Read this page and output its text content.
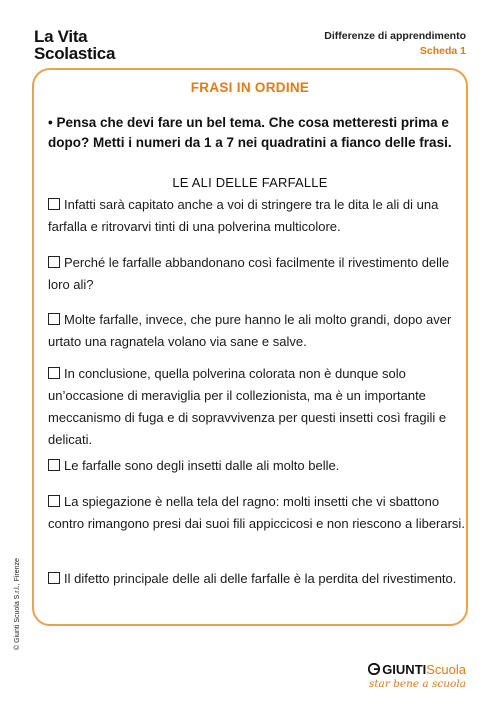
La Vita
Scolastica
Differenze di apprendimento
Scheda 1
FRASI IN ORDINE
• Pensa che devi fare un bel tema. Che cosa metteresti prima e dopo? Metti i numeri da 1 a 7 nei quadratini a fianco delle frasi.
LE ALI DELLE FARFALLE
Infatti sarà capitato anche a voi di stringere tra le dita le ali di una farfalla e ritrovarvi tinti di una polverina multicolore.
Perché le farfalle abbandonano così facilmente il rivestimento delle loro ali?
Molte farfalle, invece, che pure hanno le ali molto grandi, dopo aver urtato una ragnatela volano via sane e salve.
In conclusione, quella polverina colorata non è dunque solo un’occasione di meraviglia per il collezionista, ma è un importante meccanismo di fuga e di sopravvivenza per questi insetti così fragili e delicati.
Le farfalle sono degli insetti dalle ali molto belle.
La spiegazione è nella tela del ragno: molti insetti che vi sbattono contro rimangono presi dai suoi fili appiccicosi e non riescono a liberarsi.
Il difetto principale delle ali delle farfalle è la perdita del rivestimento.
© Giunti Scuola S.r.l., Firenze
GIUNTIScuola
star bene a scuola
